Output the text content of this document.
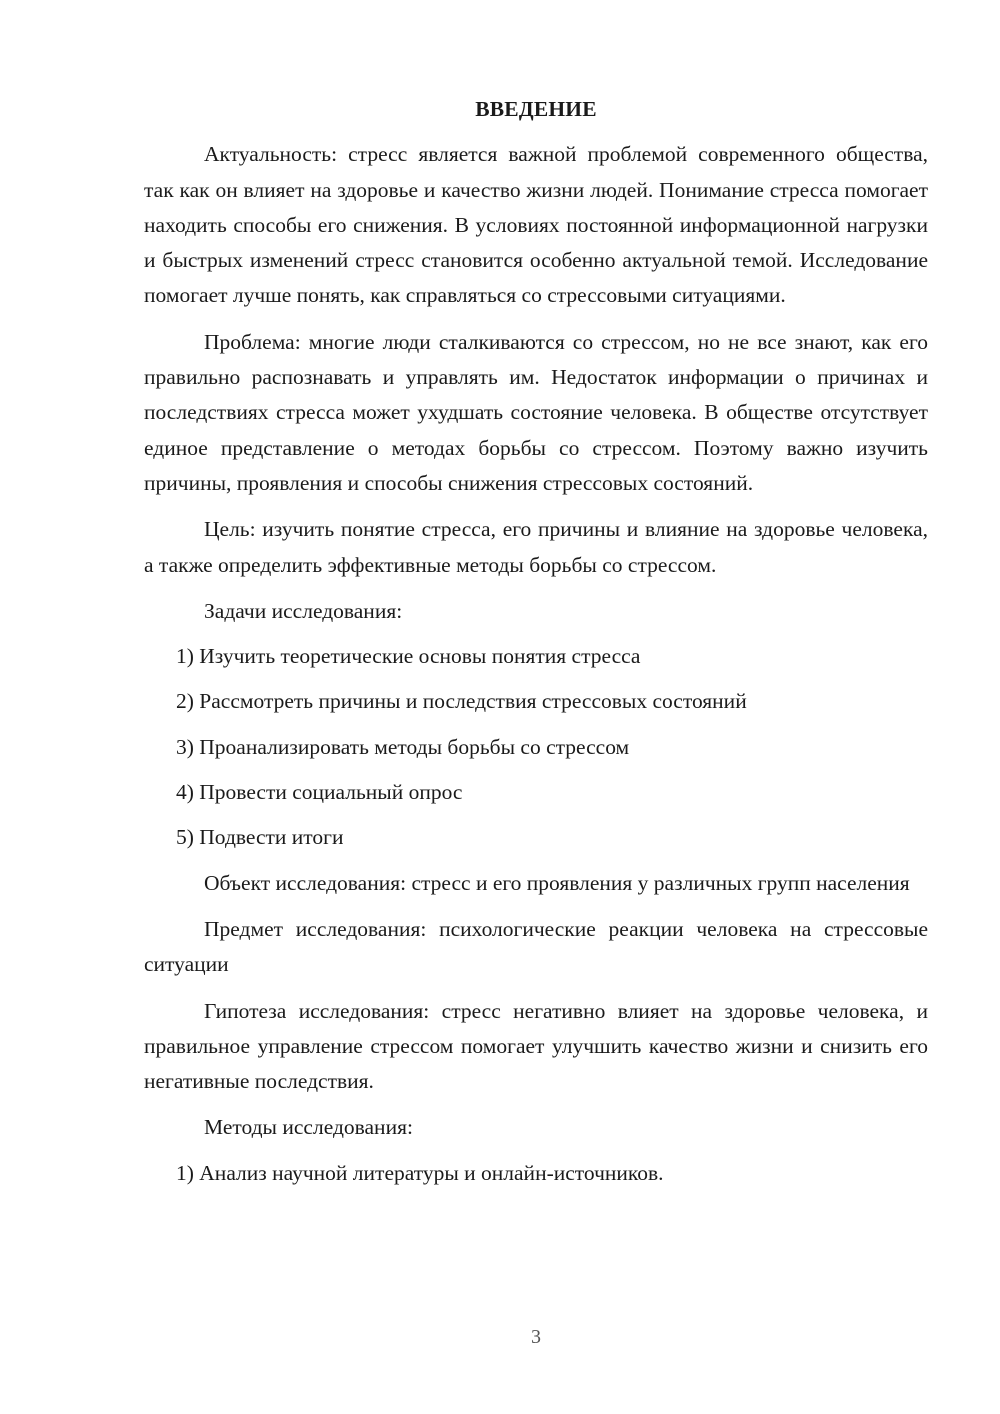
ВВЕДЕНИЕ

Актуальность: стресс является важной проблемой современного общества, так как он влияет на здоровье и качество жизни людей. Понимание стресса помогает находить способы его снижения. В условиях постоянной информационной нагрузки и быстрых изменений стресс становится особенно актуальной темой. Исследование помогает лучше понять, как справляться со стрессовыми ситуациями.

Проблема: многие люди сталкиваются со стрессом, но не все знают, как его правильно распознавать и управлять им. Недостаток информации о причинах и последствиях стресса может ухудшать состояние человека. В обществе отсутствует единое представление о методах борьбы со стрессом. Поэтому важно изучить причины, проявления и способы снижения стрессовых состояний.

Цель: изучить понятие стресса, его причины и влияние на здоровье человека, а также определить эффективные методы борьбы со стрессом.

Задачи исследования:

1) Изучить теоретические основы понятия стресса
2) Рассмотреть причины и последствия стрессовых состояний
3) Проанализировать методы борьбы со стрессом
4) Провести социальный опрос
5) Подвести итоги

Объект исследования: стресс и его проявления у различных групп населения

Предмет исследования: психологические реакции человека на стрессовые ситуации

Гипотеза исследования: стресс негативно влияет на здоровье человека, и правильное управление стрессом помогает улучшить качество жизни и снизить его негативные последствия.

Методы исследования:

1) Анализ научной литературы и онлайн-источников.
3
